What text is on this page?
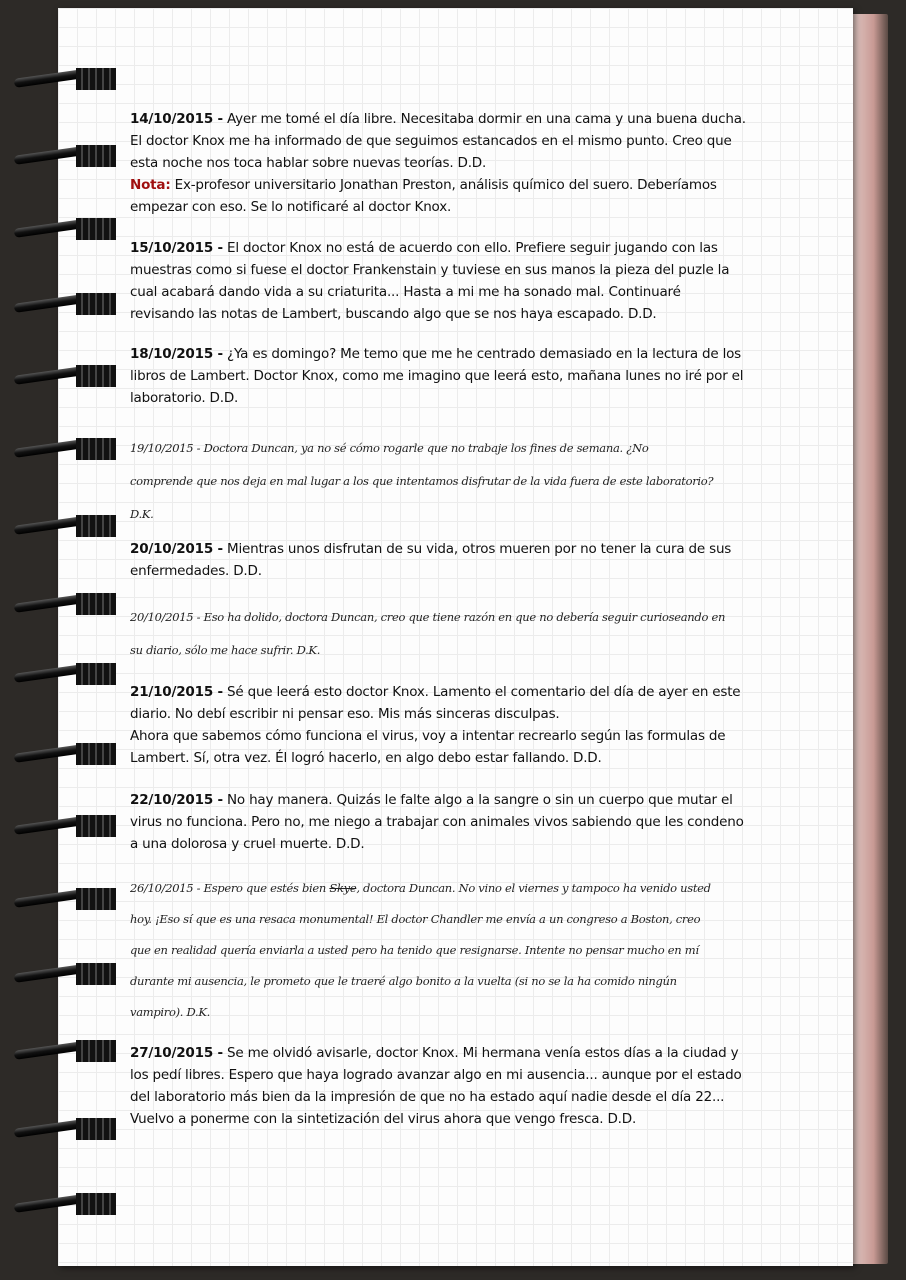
14/10/2015 - Ayer me tomé el día libre. Necesitaba dormir en una cama y una buena ducha.
El doctor Knox me ha informado de que seguimos estancados en el mismo punto. Creo que
esta noche nos toca hablar sobre nuevas teorías. D.D.
Nota: Ex-profesor universitario Jonathan Preston, análisis químico del suero. Deberíamos
empezar con eso. Se lo notificaré al doctor Knox.
15/10/2015 - El doctor Knox no está de acuerdo con ello. Prefiere seguir jugando con las
muestras como si fuese el doctor Frankenstain y tuviese en sus manos la pieza del puzle la
cual acabará dando vida a su criaturita... Hasta a mi me ha sonado mal. Continuaré
revisando las notas de Lambert, buscando algo que se nos haya escapado. D.D.
18/10/2015 - ¿Ya es domingo? Me temo que me he centrado demasiado en la lectura de los
libros de Lambert. Doctor Knox, como me imagino que leerá esto, mañana lunes no iré por el
laboratorio. D.D.
19/10/2015 - Doctora Duncan, ya no sé cómo rogarle que no trabaje los fines de semana. ¿No
comprende que nos deja en mal lugar a los que intentamos disfrutar de la vida fuera de este laboratorio?
D.K.
20/10/2015 - Mientras unos disfrutan de su vida, otros mueren por no tener la cura de sus
enfermedades. D.D.
20/10/2015 - Eso ha dolido, doctora Duncan, creo que tiene razón en que no debería seguir curioseando en
su diario, sólo me hace sufrir. D.K.
21/10/2015 - Sé que leerá esto doctor Knox. Lamento el comentario del día de ayer en este
diario. No debí escribir ni pensar eso. Mis más sinceras disculpas.
Ahora que sabemos cómo funciona el virus, voy a intentar recrearlo según las formulas de
Lambert. Sí, otra vez. Él logró hacerlo, en algo debo estar fallando. D.D.
22/10/2015 - No hay manera. Quizás le falte algo a la sangre o sin un cuerpo que mutar el
virus no funciona. Pero no, me niego a trabajar con animales vivos sabiendo que les condeno
a una dolorosa y cruel muerte. D.D.
26/10/2015 - Espero que estés bien Skye, doctora Duncan. No vino el viernes y tampoco ha venido usted
hoy. ¡Eso sí que es una resaca monumental! El doctor Chandler me envía a un congreso a Boston, creo
que en realidad quería enviarla a usted pero ha tenido que resignarse. Intente no pensar mucho en mí
durante mi ausencia, le prometo que le traeré algo bonito a la vuelta (si no se la ha comido ningún
vampiro). D.K.
27/10/2015 - Se me olvidó avisarle, doctor Knox. Mi hermana venía estos días a la ciudad y
los pedí libres. Espero que haya logrado avanzar algo en mi ausencia... aunque por el estado
del laboratorio más bien da la impresión de que no ha estado aquí nadie desde el día 22...
Vuelvo a ponerme con la sintetización del virus ahora que vengo fresca. D.D.
